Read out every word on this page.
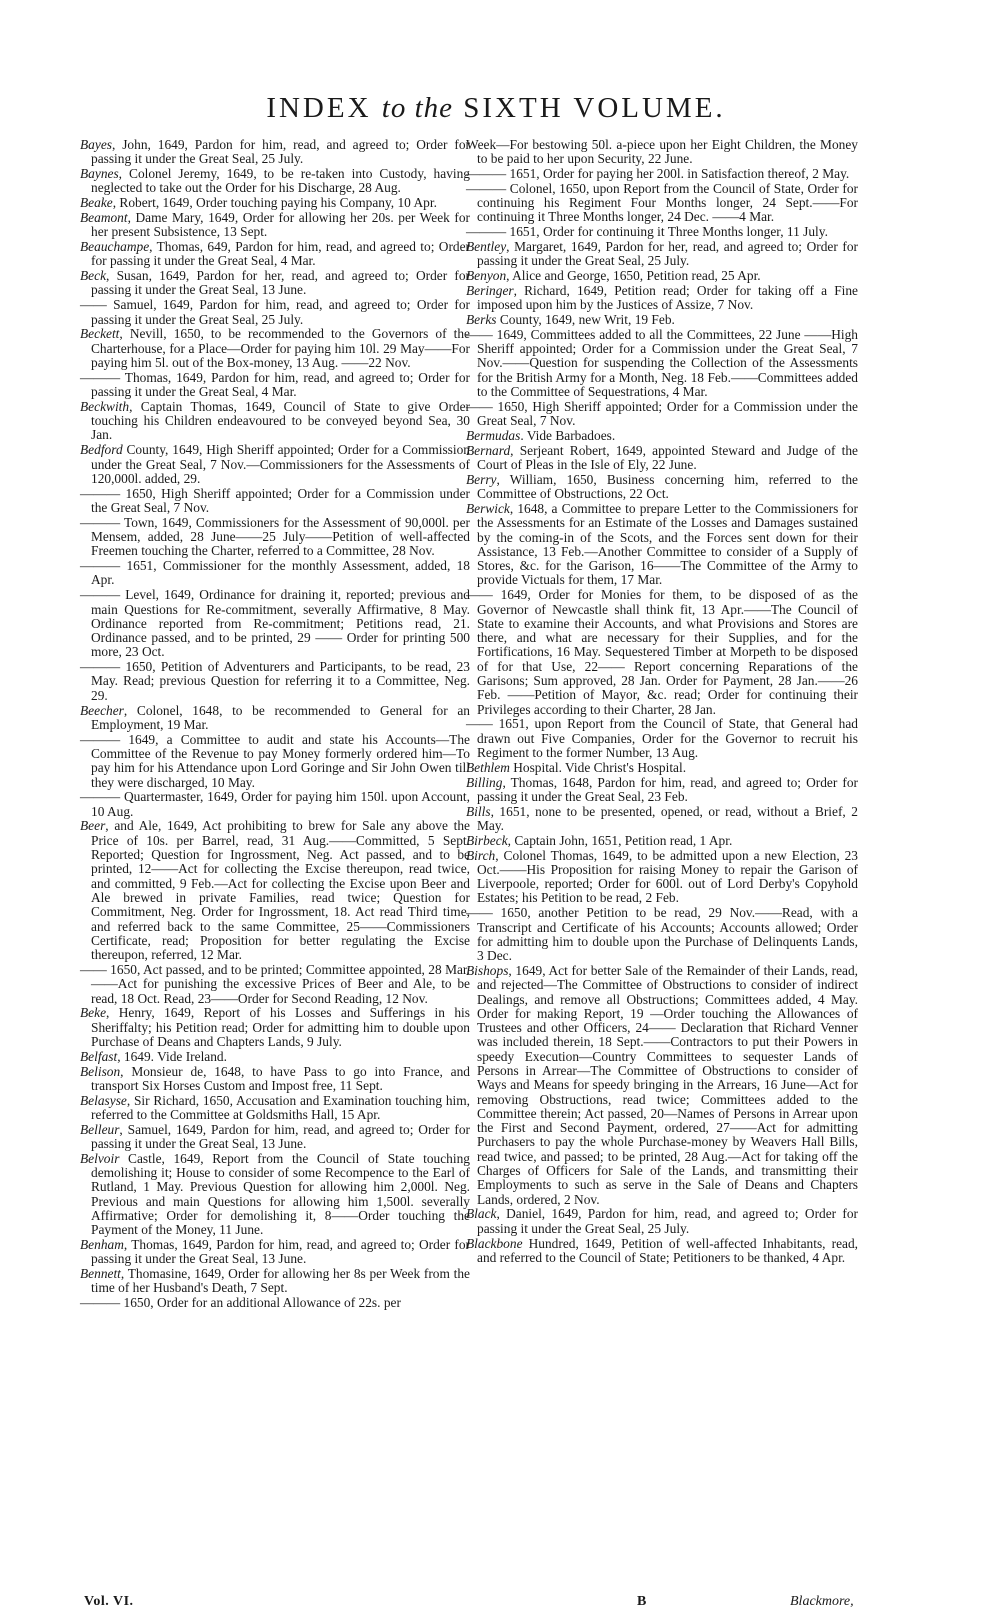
INDEX to the SIXTH VOLUME.
Bayes, John, 1649, Pardon for him, read, and agreed to; Order for passing it under the Great Seal, 25 July.
Baynes, Colonel Jeremy, 1649, to be re-taken into Custody, having neglected to take out the Order for his Discharge, 28 Aug.
Beake, Robert, 1649, Order touching paying his Company, 10 Apr.
Beamont, Dame Mary, 1649, Order for allowing her 20s. per Week for her present Subsistence, 13 Sept.
Beauchampe, Thomas, 649, Pardon for him, read, and agreed to; Order for passing it under the Great Seal, 4 Mar.
Beck, Susan, 1649, Pardon for her, read, and agreed to; Order for passing it under the Great Seal, 13 June.
—— Samuel, 1649, Pardon for him, read, and agreed to; Order for passing it under the Great Seal, 25 July.
Beckett, Nevill, 1650, to be recommended to the Governors of the Charterhouse, for a Place—Order for paying him 10l. 29 May——For paying him 5l. out of the Box-money, 13 Aug. ——22 Nov.
——— Thomas, 1649, Pardon for him, read, and agreed to; Order for passing it under the Great Seal, 4 Mar.
Beckwith, Captain Thomas, 1649, Council of State to give Order touching his Children endeavoured to be conveyed beyond Sea, 30 Jan.
Bedford County, 1649, High Sheriff appointed; Order for a Commission under the Great Seal, 7 Nov.—Commissioners for the Assessments of 120,000l. added, 29.
——— 1650, High Sheriff appointed; Order for a Commission under the Great Seal, 7 Nov.
——— Town, 1649, Commissioners for the Assessment of 90,000l. per Mensem, added, 28 June——25 July——Petition of well-affected Freemen touching the Charter, referred to a Committee, 28 Nov.
——— 1651, Commissioner for the monthly Assessment, added, 18 Apr.
——— Level, 1649, Ordinance for draining it, reported; previous and main Questions for Re-commitment, severally Affirmative, 8 May. Ordinance reported from Re-commitment; Petitions read, 21. Ordinance passed, and to be printed, 29 —— Order for printing 500 more, 23 Oct.
——— 1650, Petition of Adventurers and Participants, to be read, 23 May. Read; previous Question for referring it to a Committee, Neg. 29.
Beecher, Colonel, 1648, to be recommended to General for an Employment, 19 Mar.
——— 1649, a Committee to audit and state his Accounts—The Committee of the Revenue to pay Money formerly ordered him—To pay him for his Attendance upon Lord Goringe and Sir John Owen till they were discharged, 10 May.
——— Quartermaster, 1649, Order for paying him 150l. upon Account, 10 Aug.
Beer, and Ale, 1649, Act prohibiting to brew for Sale any above the Price of 10s. per Barrel, read, 31 Aug.——Committed, 5 Sept. Reported; Question for Ingrossment, Neg. Act passed, and to be printed, 12——Act for collecting the Excise thereupon, read twice, and committed, 9 Feb.—Act for collecting the Excise upon Beer and Ale brewed in private Families, read twice; Question for Commitment, Neg. Order for Ingrossment, 18. Act read Third time, and referred back to the same Committee, 25——Commissioners Certificate, read; Proposition for better regulating the Excise thereupon, referred, 12 Mar.
—— 1650, Act passed, and to be printed; Committee appointed, 28 Mar.——Act for punishing the excessive Prices of Beer and Ale, to be read, 18 Oct. Read, 23——Order for Second Reading, 12 Nov.
Beke, Henry, 1649, Report of his Losses and Sufferings in his Sheriffalty; his Petition read; Order for admitting him to double upon Purchase of Deans and Chapters Lands, 9 July.
Belfast, 1649. Vide Ireland.
Belison, Monsieur de, 1648, to have Pass to go into France, and transport Six Horses Custom and Impost free, 11 Sept.
Belasyse, Sir Richard, 1650, Accusation and Examination touching him, referred to the Committee at Goldsmiths Hall, 15 Apr.
Belleur, Samuel, 1649, Pardon for him, read, and agreed to; Order for passing it under the Great Seal, 13 June.
Belvoir Castle, 1649, Report from the Council of State touching demolishing it; House to consider of some Recompence to the Earl of Rutland, 1 May. Previous Question for allowing him 2,000l. Neg. Previous and main Questions for allowing him 1,500l. severally Affirmative; Order for demolishing it, 8——Order touching the Payment of the Money, 11 June.
Benham, Thomas, 1649, Pardon for him, read, and agreed to; Order for passing it under the Great Seal, 13 June.
Bennett, Thomasine, 1649, Order for allowing her 8s per Week from the time of her Husband's Death, 7 Sept.
——— 1650, Order for an additional Allowance of 22s. per
Week—For bestowing 50l. a-piece upon her Eight Children, the Money to be paid to her upon Security, 22 June.
——— 1651, Order for paying her 200l. in Satisfaction thereof, 2 May.
——— Colonel, 1650, upon Report from the Council of State, Order for continuing his Regiment Four Months longer, 24 Sept.——For continuing it Three Months longer, 24 Dec. ——4 Mar.
——— 1651, Order for continuing it Three Months longer, 11 July.
Bentley, Margaret, 1649, Pardon for her, read, and agreed to; Order for passing it under the Great Seal, 25 July.
Benyon, Alice and George, 1650, Petition read, 25 Apr.
Beringer, Richard, 1649, Petition read; Order for taking off a Fine imposed upon him by the Justices of Assize, 7 Nov.
Berks County, 1649, new Writ, 19 Feb.
—— 1649, Committees added to all the Committees, 22 June ——High Sheriff appointed; Order for a Commission under the Great Seal, 7 Nov.——Question for suspending the Collection of the Assessments for the British Army for a Month, Neg. 18 Feb.——Committees added to the Committee of Sequestrations, 4 Mar.
—— 1650, High Sheriff appointed; Order for a Commission under the Great Seal, 7 Nov.
Bermudas. Vide Barbadoes.
Bernard, Serjeant Robert, 1649, appointed Steward and Judge of the Court of Pleas in the Isle of Ely, 22 June.
Berry, William, 1650, Business concerning him, referred to the Committee of Obstructions, 22 Oct.
Berwick, 1648, a Committee to prepare Letter to the Commissioners for the Assessments for an Estimate of the Losses and Damages sustained by the coming-in of the Scots, and the Forces sent down for their Assistance, 13 Feb.—Another Committee to consider of a Supply of Stores, &c. for the Garison, 16——The Committee of the Army to provide Victuals for them, 17 Mar.
—— 1649, Order for Monies for them, to be disposed of as the Governor of Newcastle shall think fit, 13 Apr.——The Council of State to examine their Accounts, and what Provisions and Stores are there, and what are necessary for their Supplies, and for the Fortifications, 16 May. Sequestered Timber at Morpeth to be disposed of for that Use, 22—— Report concerning Reparations of the Garisons; Sum approved, 28 Jan. Order for Payment, 28 Jan.——26 Feb. ——Petition of Mayor, &c. read; Order for continuing their Privileges according to their Charter, 28 Jan.
—— 1651, upon Report from the Council of State, that General had drawn out Five Companies, Order for the Governor to recruit his Regiment to the former Number, 13 Aug.
Bethlem Hospital. Vide Christ's Hospital.
Billing, Thomas, 1648, Pardon for him, read, and agreed to; Order for passing it under the Great Seal, 23 Feb.
Bills, 1651, none to be presented, opened, or read, without a Brief, 2 May.
Birbeck, Captain John, 1651, Petition read, 1 Apr.
Birch, Colonel Thomas, 1649, to be admitted upon a new Election, 23 Oct.——His Proposition for raising Money to repair the Garison of Liverpoole, reported; Order for 600l. out of Lord Derby's Copyhold Estates; his Petition to be read, 2 Feb.
—— 1650, another Petition to be read, 29 Nov.——Read, with a Transcript and Certificate of his Accounts; Accounts allowed; Order for admitting him to double upon the Purchase of Delinquents Lands, 3 Dec.
Bishops, 1649, Act for better Sale of the Remainder of their Lands, read, and rejected—The Committee of Obstructions to consider of indirect Dealings, and remove all Obstructions; Committees added, 4 May. Order for making Report, 19 —Order touching the Allowances of Trustees and other Officers, 24—— Declaration that Richard Venner was included therein, 18 Sept.——Contractors to put their Powers in speedy Execution—Country Committees to sequester Lands of Persons in Arrear—The Committee of Obstructions to consider of Ways and Means for speedy bringing in the Arrears, 16 June—Act for removing Obstructions, read twice; Committees added to the Committee therein; Act passed, 20—Names of Persons in Arrear upon the First and Second Payment, ordered, 27——Act for admitting Purchasers to pay the whole Purchase-money by Weavers Hall Bills, read twice, and passed; to be printed, 28 Aug.—Act for taking off the Charges of Officers for Sale of the Lands, and transmitting their Employments to such as serve in the Sale of Deans and Chapters Lands, ordered, 2 Nov.
Black, Daniel, 1649, Pardon for him, read, and agreed to; Order for passing it under the Great Seal, 25 July.
Blackbone Hundred, 1649, Petition of well-affected Inhabitants, read, and referred to the Council of State; Petitioners to be thanked, 4 Apr.
Vol. VI.	B	Blackmore,
